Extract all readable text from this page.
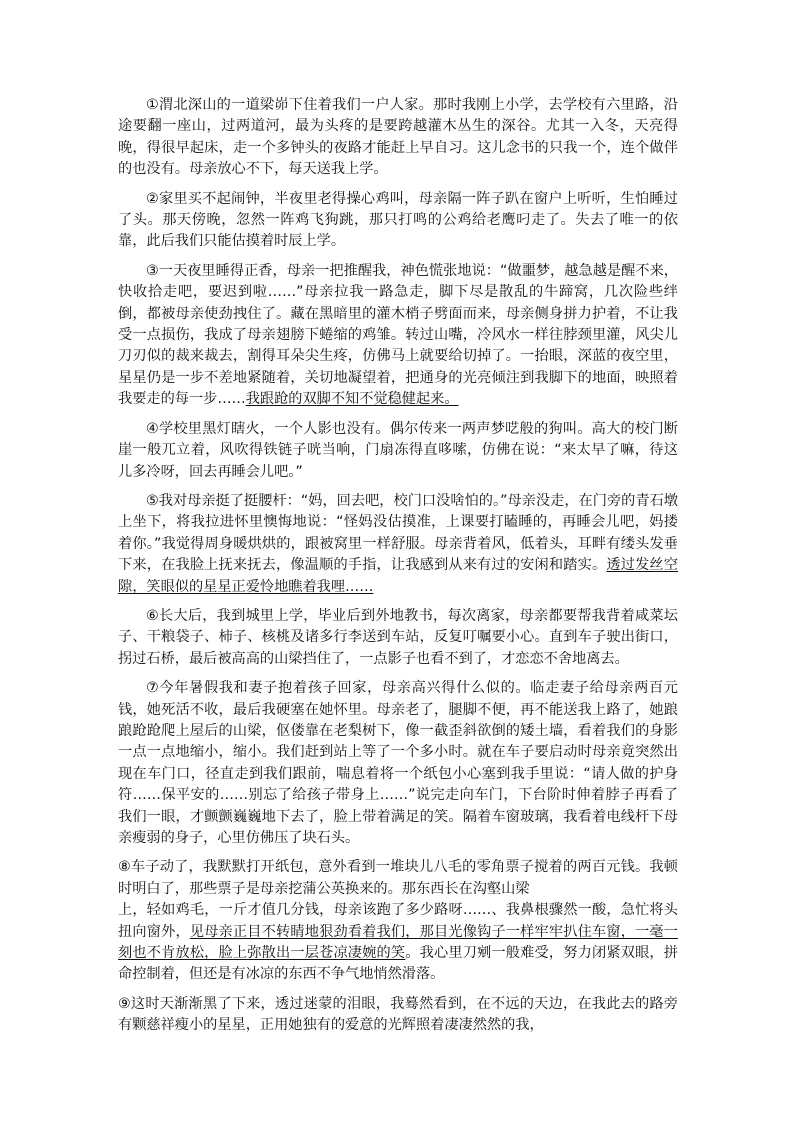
①渭北深山的一道梁峁下住着我们一户人家。那时我刚上小学，去学校有六里路，沿途要翻一座山，过两道河，最为头疼的是要跨越灌木丛生的深谷。尤其一入冬，天亮得晚，得很早起床，走一个多钟头的夜路才能赶上早自习。这儿念书的只我一个，连个做伴的也没有。母亲放心不下，每天送我上学。

②家里买不起闹钟，半夜里老得操心鸡叫，母亲隔一阵子趴在窗户上听听，生怕睡过了头。那天傍晚，忽然一阵鸡飞狗跳，那只打鸣的公鸡给老鹰叼走了。失去了唯一的依靠，此后我们只能估摸着时辰上学。

③一天夜里睡得正香，母亲一把推醒我，神色慌张地说：“做噩梦，越急越是醒不来，快收拾走吧，要迟到啦……”母亲拉我一路急走，脚下尽是散乱的牛蹄窝，几次险些绊倒，都被母亲使劲拽住了。藏在黑暗里的灌木梢子劈面而来，母亲侧身拼力护着，不让我受一点损伤，我成了母亲翅膀下蜷缩的鸡雏。转过山嘴，冷风水一样往脖颈里灌，风尖儿刀刃似的裁来裁去，割得耳朵尖生疼，仿佛马上就要给切掉了。一抬眼，深蓝的夜空里，星星仍是一步不差地紧随着，关切地凝望着，把通身的光亮倾注到我脚下的地面，映照着我要走的每一步……我跟跄的双脚不知不觉稳健起来。

④学校里黑灯瞎火，一个人影也没有。偶尔传来一两声梦呓般的狗叫。高大的校门断崖一般兀立着，风吹得铁链子咣当响，门扇冻得直哆嗦，仿佛在说：“来太早了嘛，待这儿多冷呀，回去再睡会儿吧。”

⑤我对母亲挺了挺腰杆：“妈，回去吧，校门口没啥怕的。”母亲没走，在门旁的青石墩上坐下，将我拉进怀里懊悔地说：“怪妈没估摸准，上课要打瞌睡的，再睡会儿吧，妈搂着你。”我觉得周身暖烘烘的，跟被窝里一样舒服。母亲背着风，低着头，耳畔有缕头发垂下来，在我脸上抚来抚去，像温顺的手指，让我感到从来有过的安闲和踏实。透过发丝空隙，笑眼似的星星正爱怜地瞧着我哩……

⑥长大后，我到城里上学，毕业后到外地教书，每次离家，母亲都要帮我背着咸菜坛子、干粮袋子、柿子、核桃及诸多行李送到车站，反复叮嘱要小心。直到车子驶出街口，拐过石桥，最后被高高的山梁挡住了，一点影子也看不到了，才恋恋不舍地离去。

⑦今年暑假我和妻子抱着孩子回家，母亲高兴得什么似的。临走妻子给母亲两百元钱，她死活不收，最后我硬塞在她怀里。母亲老了，腿脚不便，再不能送我上路了，她踉踉跄跄爬上屋后的山梁，伛偻靠在老梨树下，像一截歪斜欲倒的矮土墙，看着我们的身影一点一点地缩小，缩小。我们赶到站上等了一个多小时。就在车子要启动时母亲竟突然出现在车门口，径直走到我们跟前，喘息着将一个纸包小心塞到我手里说：“请人做的护身符……保平安的……别忘了给孩子带身上……”说完走向车门，下台阶时伸着脖子再看了我们一眼，才颤颤巍巍地下去了，脸上带着满足的笑。隔着车窗玻璃，我看着电线杆下母亲瘦弱的身子，心里仿佛压了块石头。

⑧车子动了，我默默打开纸包，意外看到一堆块儿八毛的零角票子搅着的两百元钱。我顿时明白了，那些票子是母亲挖蒲公英换来的。那东西长在沟壑山梁

上，轻如鸡毛，一斤才值几分钱，母亲该跑了多少路呀……、我鼻根骤然一酸，急忙将头扭向窗外，见母亲正目不转睛地狠劲看着我们，那目光像钩子一样牢牢扒住车窗，一毫一刻也不肯放松，脸上弥散出一层苍凉凄婉的笑。我心里刀剜一般难受，努力闭紧双眼，拼命控制着，但还是有冰凉的东西不争气地悄然滑落。

⑨这时天渐渐黑了下来，透过迷蒙的泪眼，我蓦然看到，在不远的天边，在我此去的路旁有颗慈祥瘦小的星星，正用她独有的爱意的光辉照着凄凄然然的我，
